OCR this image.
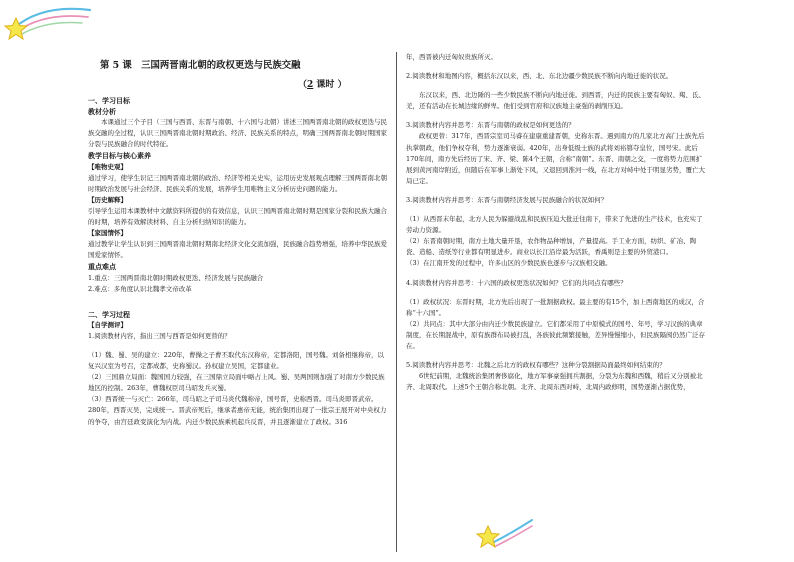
第 5 课　三国两晋南北朝的政权更迭与民族交融
（2 课时 ）

一、学习目标

教材分析

本课通过三个子目（三国与西晋、东晋与南朝、十六国与北朝）讲述三国两晋南北朝的政权更迭与民族交融的全过程，认识三国两晋南北朝时期政治、经济、民族关系的特点，明确三国两晋南北朝时期国家分裂与民族融合的时代特征。

教学目标与核心素养

【唯物史观】

通过学习，使学生识记三国两晋南北朝的政治、经济等相关史实，运用历史发展观点理解三国两晋南北朝时期政治发展与社会经济、民族关系的发展，培养学生用唯物主义分析历史问题的能力。

【历史解释】

引导学生运用本课教材中文献资料所提供的有效信息，认识三国两晋南北朝时期是国家分裂和民族大融合的时期，培养有效解读材料、自主分析归纳知识的能力。

【家国情怀】

通过教学让学生认识到三国两晋南北朝时期南北经济文化交流加强，民族融合趋势增强，培养中华民族爱国爱家情怀。

重点难点

1.重点：三国两晋南北朝时期政权更迭、经济发展与民族融合

2.难点：多角度认识北魏孝文帝改革

二、学习过程

【自学测评】

1.阅读教材内容，指出三国与西晋是如何更替的？

（1）魏、蜀、吴的建立：220年，曹操之子曹丕取代东汉称帝，定都洛阳，国号魏。刘备相继称帝，以复兴汉室为号召，定都成都，史称蜀汉。孙权建立吴国，定都建业。

（2）三国鼎立局面：魏国国力较强，在三国鼎立局面中略占上风。蜀、吴两国则加强了对南方少数民族地区的控制。263年，曹魏权臣司马昭发兵灭蜀。

（3）西晋统一与灭亡：266年，司马昭之子司马炎代魏称帝，国号晋，史称西晋。司马炎即晋武帝。280年，西晋灭吴，完成统一。晋武帝死后，继承者惠帝无能，统治集团出现了一批宗王展开对中央权力的争夺，由宫廷政变演化为内战。内迁少数民族乘机起兵反晋，并且逐渐建立了政权。316

年，西晋被内迁匈奴贵族所灭。

2.阅读教材和地图内容，概括东汉以来，西、北、东北边疆少数民族不断向内地迁徙的状况。

东汉以来，西、北边陲的一些少数民族不断向内地迁徙。到西晋，内迁的民族主要有匈奴、羯、氐、羌，还有活动在长城边缘的鲜卑。他们受到官府和汉族地主豪强的剥削压迫。

3.阅读教材内容并思考：东晋与南朝的政权是如何更迭的？

政权更替：317年，西晋宗室司马睿在建康重建晋朝，史称东晋。遇到南方的几家北方高门士族先后执掌朝政，他们争权夺利，势力逐渐衰弱。420年，出身低级士族的武将刘裕篡夺皇位，国号宋。此后170年间，南方先后经历了宋、齐、梁、陈4个王朝，合称“南朝”。东晋、南朝之交，一度将势力范围扩展到黄河南岸附近，但随后在军事上渐处下风，又退回到淮河一线，在北方对峙中处于明显劣势，覆亡大局已定。

3.阅读教材内容并思考：东晋与南朝经济发展与民族融合的状况如何？

（1）从西晋末年起，北方人民为躲避战乱和民族压迫大批迁往南下，带来了先进的生产技术，也充实了劳动力资源。

（2）东晋南朝时期，南方土地大量开垦，农作物品种增加，产量提高。手工业方面，纺织、矿冶、陶瓷、造船、造纸等行业都有明显进步。商业以长江沿岸最为活跃，香禹则是主要的外贸港口。

（3）在江南开发的过程中，许多山区的少数民族也逐步与汉族相交融。

4.阅读教材内容并思考：十六国的政权更迭状况如何？它们的共同点有哪些？

（1）政权状况：东晋时期，北方先后出现了一批割据政权。最主要的有15个，加上西南地区的成汉，合称“十六国”。

（2）共同点：其中大部分由内迁少数民族建立。它们都采用了中原模式的国号、年号，学习汉族的典章制度，在长期混战中，原有族群布局被打乱，各族彼此频繁接触，差异慢慢缩小，但民族隔阂仍然广泛存在。

5.阅读教材内容并思考：北魏之后北方的政权有哪些？这种分裂割据局面最终如何结束的？

6世纪前期，北魏统治集团奢侈腐化，地方军事豪强拥兵割据，分裂为东魏和西魏，稍后又分别被北齐、北周取代。上述5个王朝合称北朝。北齐、北周东西对峙，北周内政修明，国势逐渐占据优势，
